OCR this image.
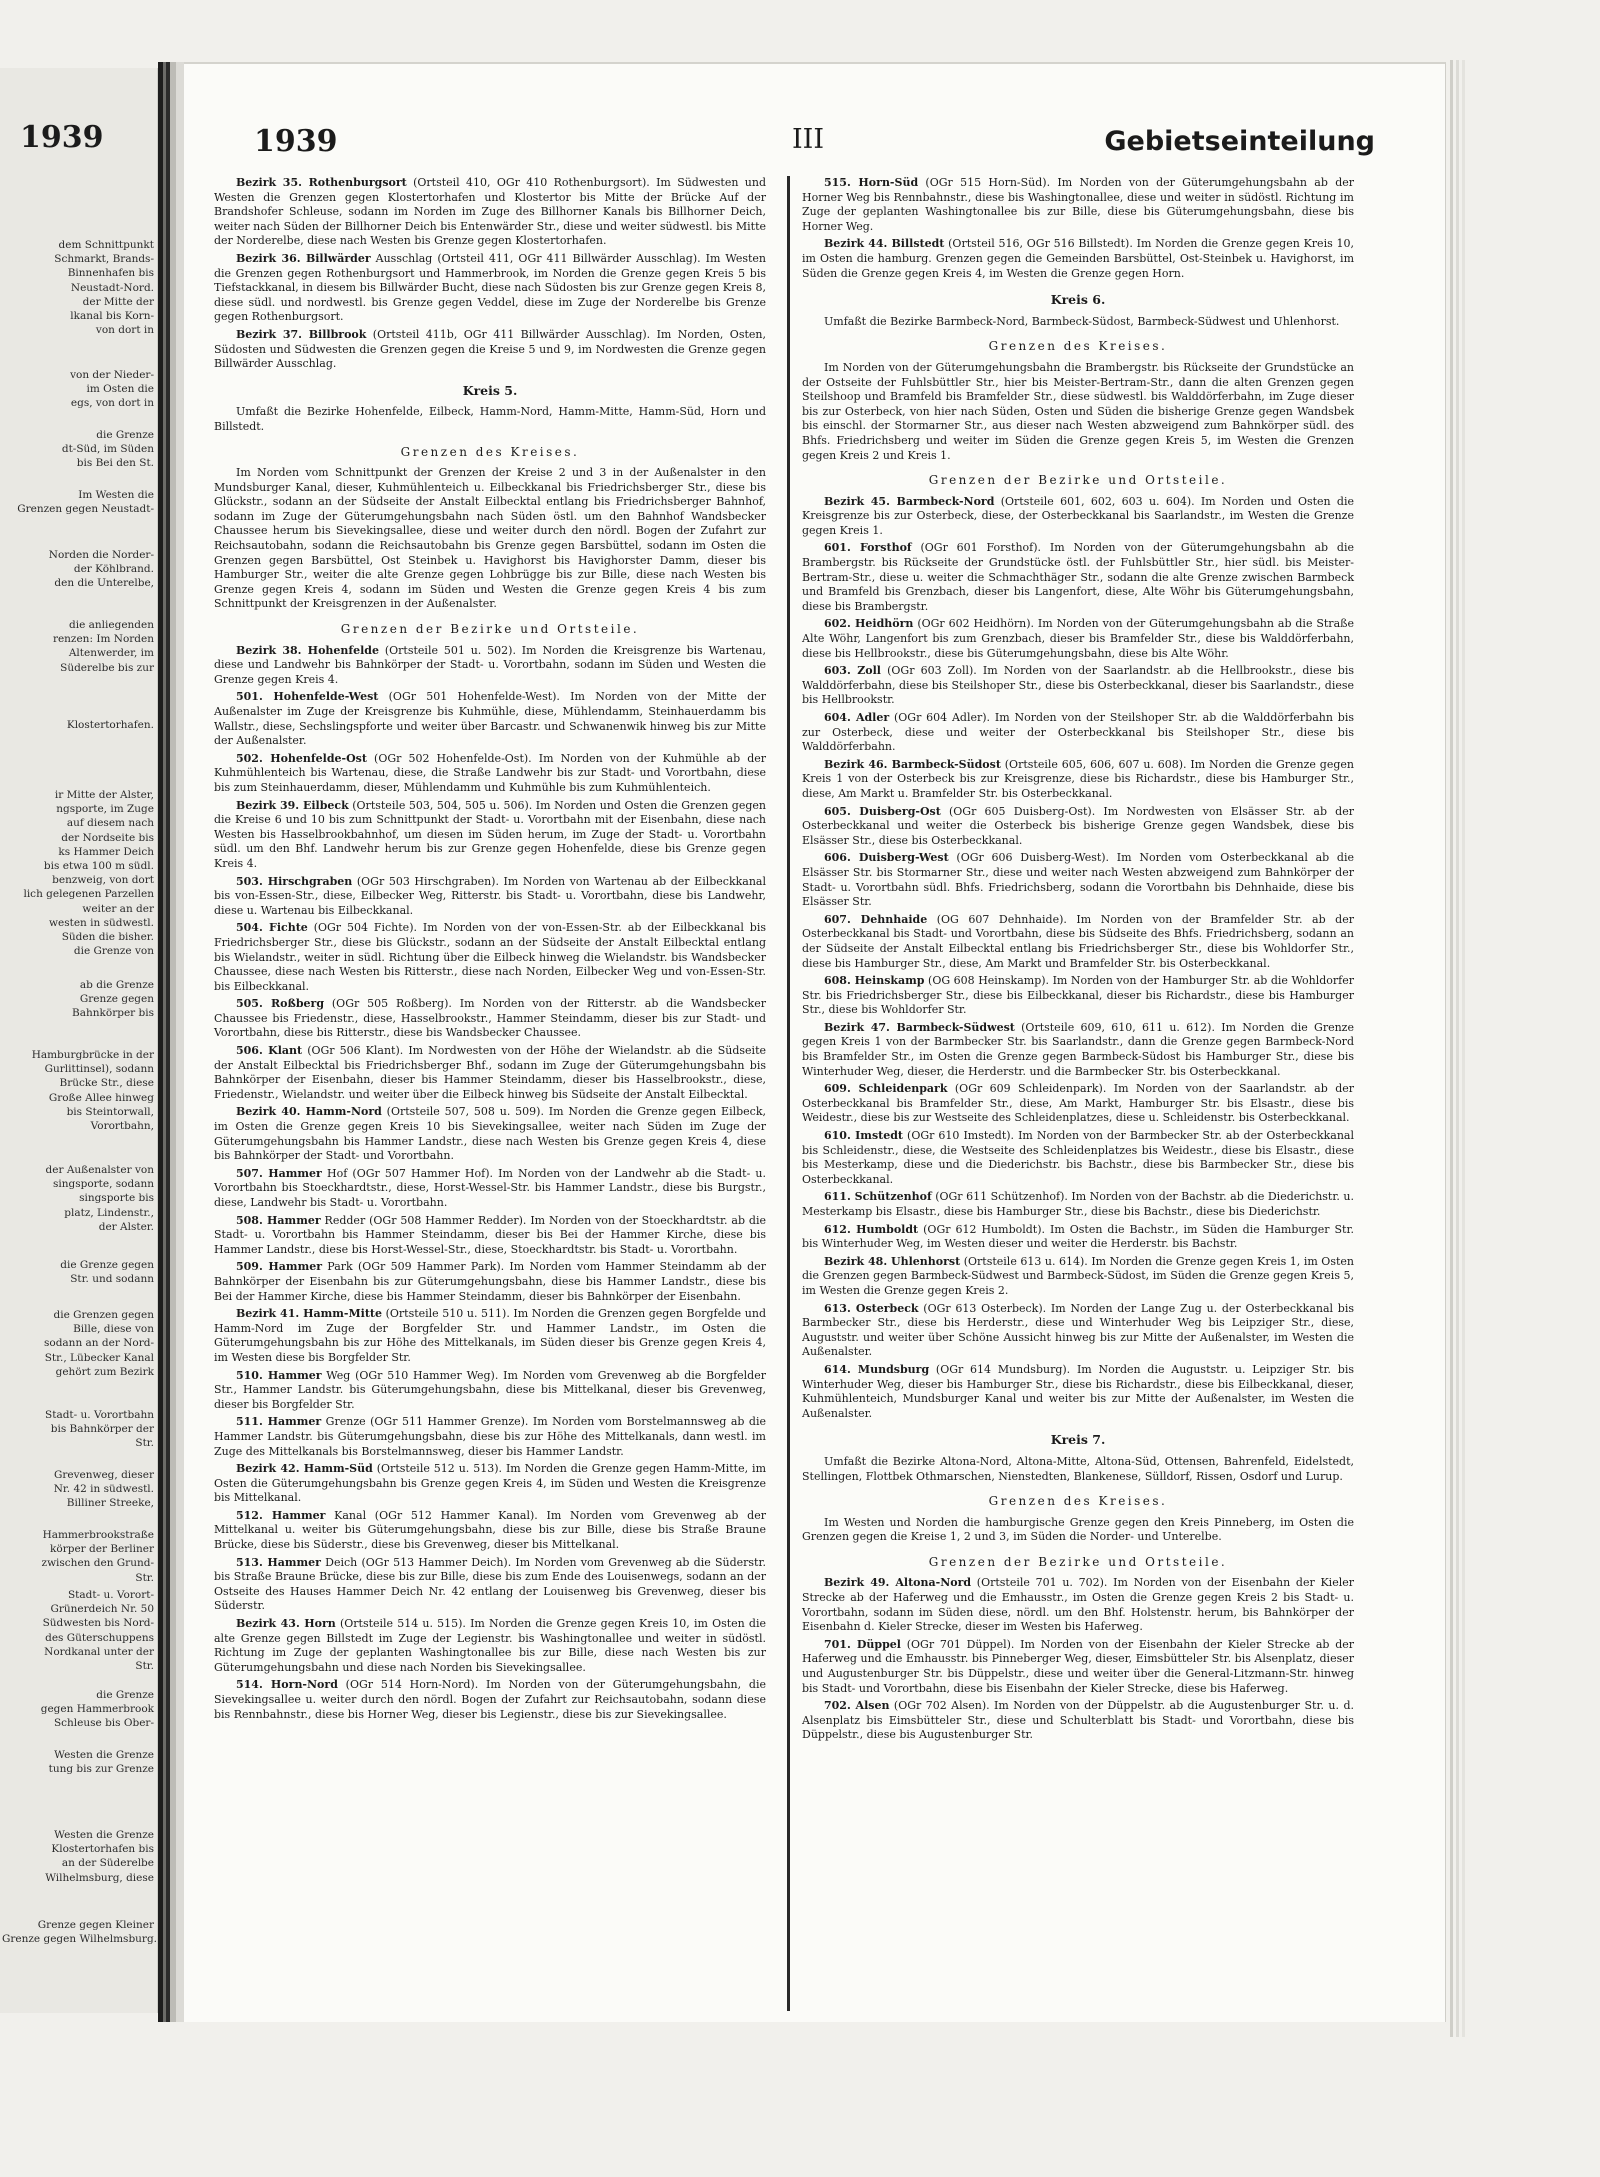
1939
dem Schnittpunkt
Schmarkt, Brands-
Binnenhafen bis
Neustadt-Nord.
der Mitte der
lkanal bis Korn-
von dort in
von der Nieder-
im Osten die
egs, von dort in
die Grenze
dt-Süd, im Süden
bis Bei den St.
Im Westen die
Grenzen gegen Neustadt-
Norden die Norder-
der Köhlbrand.
den die Unterelbe,
die anliegenden
renzen: Im Norden
Altenwerder, im
Süderelbe bis zur
Klostertorhafen.
ir Mitte der Alster,
ngsporte, im Zuge
auf diesem nach
der Nordseite bis
ks Hammer Deich
bis etwa 100 m südl.
benzweig, von dort
lich gelegenen Parzellen
weiter an der
westen in südwestl.
Süden die bisher.
die Grenze von
ab die Grenze
Grenze gegen
Bahnkörper bis
Hamburgbrücke in der
Gurlittinsel), sodann
Brücke Str., diese
Große Allee hinweg
bis Steintorwall,
Vorortbahn,
der Außenalster von
singsporte, sodann
singsporte bis
platz, Lindenstr.,
der Alster.
die Grenze gegen
Str. und sodann
die Grenzen gegen
Bille, diese von
sodann an der Nord-
Str., Lübecker Kanal
gehört zum Bezirk
Stadt- u. Vorortbahn
bis Bahnkörper der
Str.
Grevenweg, dieser
Nr. 42 in südwestl.
Billiner Streeke,
Hammerbrookstraße
körper der Berliner
zwischen den Grund-
Str.
Stadt- u. Vorort-
Grünerdeich Nr. 50
Südwesten bis Nord-
des Güterschuppens
Nordkanal unter der
Str.
die Grenze
gegen Hammerbrook
Schleuse bis Ober-
Westen die Grenze
tung bis zur Grenze
Westen die Grenze
Klostertorhafen bis
an der Süderelbe
Wilhelmsburg, diese
Grenze gegen Kleiner
Grenze gegen Wilhelmsburg.
1939	III	Gebietseinteilung

Bezirk 35. Rothenburgsort (Ortsteil 410, OGr 410 Rothenburgsort). Im Südwesten und Westen die Grenzen gegen Klostertorhafen und Klostertor bis Mitte der Brücke Auf der Brandshofer Schleuse, sodann im Norden im Zuge des Billhorner Kanals bis Billhorner Deich, weiter nach Süden der Billhorner Deich bis Entenwärder Str., diese und weiter südwestl. bis Mitte der Norderelbe, diese nach Westen bis Grenze gegen Klostertorhafen.

Bezirk 36. Billwärder Ausschlag (Ortsteil 411, OGr 411 Billwärder Ausschlag). Im Westen die Grenzen gegen Rothenburgsort und Hammerbrook, im Norden die Grenze gegen Kreis 5 bis Tiefstackkanal, in diesem bis Billwärder Bucht, diese nach Südosten bis zur Grenze gegen Kreis 8, diese südl. und nordwestl. bis Grenze gegen Veddel, diese im Zuge der Norderelbe bis Grenze gegen Rothenburgsort.

Bezirk 37. Billbrook (Ortsteil 411b, OGr 411 Billwärder Ausschlag). Im Norden, Osten, Südosten und Südwesten die Grenzen gegen die Kreise 5 und 9, im Nordwesten die Grenze gegen Billwärder Ausschlag.

Kreis 5.

Umfaßt die Bezirke Hohenfelde, Eilbeck, Hamm-Nord, Hamm-Mitte, Hamm-Süd, Horn und Billstedt.

Grenzen des Kreises.

Im Norden vom Schnittpunkt der Grenzen der Kreise 2 und 3 in der Außenalster in den Mundsburger Kanal, dieser, Kuhmühlenteich u. Eilbeckkanal bis Friedrichsberger Str., diese bis Glückstr., sodann an der Südseite der Anstalt Eilbecktal entlang bis Friedrichsberger Bahnhof, sodann im Zuge der Güterumgehungsbahn nach Süden östl. um den Bahnhof Wandsbecker Chaussee herum bis Sievekingsallee, diese und weiter durch den nördl. Bogen der Zufahrt zur Reichsautobahn, sodann die Reichsautobahn bis Grenze gegen Barsbüttel, sodann im Osten die Grenzen gegen Barsbüttel, Ost Steinbek u. Havighorst bis Havighorster Damm, dieser bis Hamburger Str., weiter die alte Grenze gegen Lohbrügge bis zur Bille, diese nach Westen bis Grenze gegen Kreis 4, sodann im Süden und Westen die Grenze gegen Kreis 4 bis zum Schnittpunkt der Kreisgrenzen in der Außenalster.

Grenzen der Bezirke und Ortsteile.

Bezirk 38. Hohenfelde (Ortsteile 501 u. 502). Im Norden die Kreisgrenze bis Wartenau, diese und Landwehr bis Bahnkörper der Stadt- u. Vorortbahn, sodann im Süden und Westen die Grenze gegen Kreis 4.

501. Hohenfelde-West (OGr 501 Hohenfelde-West). Im Norden von der Mitte der Außenalster im Zuge der Kreisgrenze bis Kuhmühle, diese, Mühlendamm, Steinhauerdamm bis Wallstr., diese, Sechslingspforte und weiter über Barcastr. und Schwanenwik hinweg bis zur Mitte der Außenalster.

502. Hohenfelde-Ost (OGr 502 Hohenfelde-Ost). Im Norden von der Kuhmühle ab der Kuhmühlenteich bis Wartenau, diese, die Straße Landwehr bis zur Stadt- und Vorortbahn, diese bis zum Steinhauerdamm, dieser, Mühlendamm und Kuhmühle bis zum Kuhmühlenteich.

Bezirk 39. Eilbeck (Ortsteile 503, 504, 505 u. 506). Im Norden und Osten die Grenzen gegen die Kreise 6 und 10 bis zum Schnittpunkt der Stadt- u. Vorortbahn mit der Eisenbahn, diese nach Westen bis Hasselbrookbahnhof, um diesen im Süden herum, im Zuge der Stadt- u. Vorortbahn südl. um den Bhf. Landwehr herum bis zur Grenze gegen Hohenfelde, diese bis Grenze gegen Kreis 4.

503. Hirschgraben (OGr 503 Hirschgraben). Im Norden von Wartenau ab der Eilbeckkanal bis von-Essen-Str., diese, Eilbecker Weg, Ritterstr. bis Stadt- u. Vorortbahn, diese bis Landwehr, diese u. Wartenau bis Eilbeckkanal.

504. Fichte (OGr 504 Fichte). Im Norden von der von-Essen-Str. ab der Eilbeckkanal bis Friedrichsberger Str., diese bis Glückstr., sodann an der Südseite der Anstalt Eilbecktal entlang bis Wielandstr., weiter in südl. Richtung über die Eilbeck hinweg die Wielandstr. bis Wandsbecker Chaussee, diese nach Westen bis Ritterstr., diese nach Norden, Eilbecker Weg und von-Essen-Str. bis Eilbeckkanal.

505. Roßberg (OGr 505 Roßberg). Im Norden von der Ritterstr. ab die Wandsbecker Chaussee bis Friedenstr., diese, Hasselbrookstr., Hammer Steindamm, dieser bis zur Stadt- und Vorortbahn, diese bis Ritterstr., diese bis Wandsbecker Chaussee.

506. Klant (OGr 506 Klant). Im Nordwesten von der Höhe der Wielandstr. ab die Südseite der Anstalt Eilbecktal bis Friedrichsberger Bhf., sodann im Zuge der Güterumgehungsbahn bis Bahnkörper der Eisenbahn, dieser bis Hammer Steindamm, dieser bis Hasselbrookstr., diese, Friedenstr., Wielandstr. und weiter über die Eilbeck hinweg bis Südseite der Anstalt Eilbecktal.

Bezirk 40. Hamm-Nord (Ortsteile 507, 508 u. 509). Im Norden die Grenze gegen Eilbeck, im Osten die Grenze gegen Kreis 10 bis Sievekingsallee, weiter nach Süden im Zuge der Güterumgehungsbahn bis Hammer Landstr., diese nach Westen bis Grenze gegen Kreis 4, diese bis Bahnkörper der Stadt- und Vorortbahn.

507. Hammer Hof (OGr 507 Hammer Hof). Im Norden von der Landwehr ab die Stadt- u. Vorortbahn bis Stoeckhardtstr., diese, Horst-Wessel-Str. bis Hammer Landstr., diese bis Burgstr., diese, Landwehr bis Stadt- u. Vorortbahn.

508. Hammer Redder (OGr 508 Hammer Redder). Im Norden von der Stoeckhardtstr. ab die Stadt- u. Vorortbahn bis Hammer Steindamm, dieser bis Bei der Hammer Kirche, diese bis Hammer Landstr., diese bis Horst-Wessel-Str., diese, Stoeckhardtstr. bis Stadt- u. Vorortbahn.

509. Hammer Park (OGr 509 Hammer Park). Im Norden vom Hammer Steindamm ab der Bahnkörper der Eisenbahn bis zur Güterumgehungsbahn, diese bis Hammer Landstr., diese bis Bei der Hammer Kirche, diese bis Hammer Steindamm, dieser bis Bahnkörper der Eisenbahn.

Bezirk 41. Hamm-Mitte (Ortsteile 510 u. 511). Im Norden die Grenzen gegen Borgfelde und Hamm-Nord im Zuge der Borgfelder Str. und Hammer Landstr., im Osten die Güterumgehungsbahn bis zur Höhe des Mittelkanals, im Süden dieser bis Grenze gegen Kreis 4, im Westen diese bis Borgfelder Str.

510. Hammer Weg (OGr 510 Hammer Weg). Im Norden vom Grevenweg ab die Borgfelder Str., Hammer Landstr. bis Güterumgehungsbahn, diese bis Mittelkanal, dieser bis Grevenweg, dieser bis Borgfelder Str.

511. Hammer Grenze (OGr 511 Hammer Grenze). Im Norden vom Borstelmannsweg ab die Hammer Landstr. bis Güterumgehungsbahn, diese bis zur Höhe des Mittelkanals, dann westl. im Zuge des Mittelkanals bis Borstelmannsweg, dieser bis Hammer Landstr.

Bezirk 42. Hamm-Süd (Ortsteile 512 u. 513). Im Norden die Grenze gegen Hamm-Mitte, im Osten die Güterumgehungsbahn bis Grenze gegen Kreis 4, im Süden und Westen die Kreisgrenze bis Mittelkanal.

512. Hammer Kanal (OGr 512 Hammer Kanal). Im Norden vom Grevenweg ab der Mittelkanal u. weiter bis Güterumgehungsbahn, diese bis zur Bille, diese bis Straße Braune Brücke, diese bis Süderstr., diese bis Grevenweg, dieser bis Mittelkanal.

513. Hammer Deich (OGr 513 Hammer Deich). Im Norden vom Grevenweg ab die Süderstr. bis Straße Braune Brücke, diese bis zur Bille, diese bis zum Ende des Louisenwegs, sodann an der Ostseite des Hauses Hammer Deich Nr. 42 entlang der Louisenweg bis Grevenweg, dieser bis Süderstr.

Bezirk 43. Horn (Ortsteile 514 u. 515). Im Norden die Grenze gegen Kreis 10, im Osten die alte Grenze gegen Billstedt im Zuge der Legienstr. bis Washingtonallee und weiter in südöstl. Richtung im Zuge der geplanten Washingtonallee bis zur Bille, diese nach Westen bis zur Güterumgehungsbahn und diese nach Norden bis Sievekingsallee.

514. Horn-Nord (OGr 514 Horn-Nord). Im Norden von der Güterumgehungsbahn, die Sievekingsallee u. weiter durch den nördl. Bogen der Zufahrt zur Reichsautobahn, sodann diese bis Rennbahnstr., diese bis Horner Weg, dieser bis Legienstr., diese bis zur Sievekingsallee.

515. Horn-Süd (OGr 515 Horn-Süd). Im Norden von der Güterumgehungsbahn ab der Horner Weg bis Rennbahnstr., diese bis Washingtonallee, diese und weiter in südöstl. Richtung im Zuge der geplanten Washingtonallee bis zur Bille, diese bis Güterumgehungsbahn, diese bis Horner Weg.

Bezirk 44. Billstedt (Ortsteil 516, OGr 516 Billstedt). Im Norden die Grenze gegen Kreis 10, im Osten die hamburg. Grenzen gegen die Gemeinden Barsbüttel, Ost-Steinbek u. Havighorst, im Süden die Grenze gegen Kreis 4, im Westen die Grenze gegen Horn.

Kreis 6.

Umfaßt die Bezirke Barmbeck-Nord, Barmbeck-Südost, Barmbeck-Südwest und Uhlenhorst.

Grenzen des Kreises.

Im Norden von der Güterumgehungsbahn die Brambergstr. bis Rückseite der Grundstücke an der Ostseite der Fuhlsbüttler Str., hier bis Meister-Bertram-Str., dann die alten Grenzen gegen Steilshoop und Bramfeld bis Bramfelder Str., diese südwestl. bis Walddörferbahn, im Zuge dieser bis zur Osterbeck, von hier nach Süden, Osten und Süden die bisherige Grenze gegen Wandsbek bis einschl. der Stormarner Str., aus dieser nach Westen abzweigend zum Bahnkörper südl. des Bhfs. Friedrichsberg und weiter im Süden die Grenze gegen Kreis 5, im Westen die Grenzen gegen Kreis 2 und Kreis 1.

Grenzen der Bezirke und Ortsteile.

Bezirk 45. Barmbeck-Nord (Ortsteile 601, 602, 603 u. 604). Im Norden und Osten die Kreisgrenze bis zur Osterbeck, diese, der Osterbeckkanal bis Saarlandstr., im Westen die Grenze gegen Kreis 1.

601. Forsthof (OGr 601 Forsthof). Im Norden von der Güterumgehungsbahn ab die Brambergstr. bis Rückseite der Grundstücke östl. der Fuhlsbüttler Str., hier südl. bis Meister-Bertram-Str., diese u. weiter die Schmachthäger Str., sodann die alte Grenze zwischen Barmbeck und Bramfeld bis Grenzbach, dieser bis Langenfort, diese, Alte Wöhr bis Güterumgehungsbahn, diese bis Brambergstr.

602. Heidhörn (OGr 602 Heidhörn). Im Norden von der Güterumgehungsbahn ab die Straße Alte Wöhr, Langenfort bis zum Grenzbach, dieser bis Bramfelder Str., diese bis Walddörferbahn, diese bis Hellbrookstr., diese bis Güterumgehungsbahn, diese bis Alte Wöhr.

603. Zoll (OGr 603 Zoll). Im Norden von der Saarlandstr. ab die Hellbrookstr., diese bis Walddörferbahn, diese bis Steilshoper Str., diese bis Osterbeckkanal, dieser bis Saarlandstr., diese bis Hellbrookstr.

604. Adler (OGr 604 Adler). Im Norden von der Steilshoper Str. ab die Walddörferbahn bis zur Osterbeck, diese und weiter der Osterbeckkanal bis Steilshoper Str., diese bis Walddörferbahn.

Bezirk 46. Barmbeck-Südost (Ortsteile 605, 606, 607 u. 608). Im Norden die Grenze gegen Kreis 1 von der Osterbeck bis zur Kreisgrenze, diese bis Richardstr., diese bis Hamburger Str., diese, Am Markt u. Bramfelder Str. bis Osterbeckkanal.

605. Duisberg-Ost (OGr 605 Duisberg-Ost). Im Nordwesten von Elsässer Str. ab der Osterbeckkanal und weiter die Osterbeck bis bisherige Grenze gegen Wandsbek, diese bis Elsässer Str., diese bis Osterbeckkanal.

606. Duisberg-West (OGr 606 Duisberg-West). Im Norden vom Osterbeckkanal ab die Elsässer Str. bis Stormarner Str., diese und weiter nach Westen abzweigend zum Bahnkörper der Stadt- u. Vorortbahn südl. Bhfs. Friedrichsberg, sodann die Vorortbahn bis Dehnhaide, diese bis Elsässer Str.

607. Dehnhaide (OG 607 Dehnhaide). Im Norden von der Bramfelder Str. ab der Osterbeckkanal bis Stadt- und Vorortbahn, diese bis Südseite des Bhfs. Friedrichsberg, sodann an der Südseite der Anstalt Eilbecktal entlang bis Friedrichsberger Str., diese bis Wohldorfer Str., diese bis Hamburger Str., diese, Am Markt und Bramfelder Str. bis Osterbeckkanal.

608. Heinskamp (OG 608 Heinskamp). Im Norden von der Hamburger Str. ab die Wohldorfer Str. bis Friedrichsberger Str., diese bis Eilbeckkanal, dieser bis Richardstr., diese bis Hamburger Str., diese bis Wohldorfer Str.

Bezirk 47. Barmbeck-Südwest (Ortsteile 609, 610, 611 u. 612). Im Norden die Grenze gegen Kreis 1 von der Barmbecker Str. bis Saarlandstr., dann die Grenze gegen Barmbeck-Nord bis Bramfelder Str., im Osten die Grenze gegen Barmbeck-Südost bis Hamburger Str., diese bis Winterhuder Weg, dieser, die Herderstr. und die Barmbecker Str. bis Osterbeckkanal.

609. Schleidenpark (OGr 609 Schleidenpark). Im Norden von der Saarlandstr. ab der Osterbeckkanal bis Bramfelder Str., diese, Am Markt, Hamburger Str. bis Elsastr., diese bis Weidestr., diese bis zur Westseite des Schleidenplatzes, diese u. Schleidenstr. bis Osterbeckkanal.

610. Imstedt (OGr 610 Imstedt). Im Norden von der Barmbecker Str. ab der Osterbeckkanal bis Schleidenstr., diese, die Westseite des Schleidenplatzes bis Weidestr., diese bis Elsastr., diese bis Mesterkamp, diese und die Diederichstr. bis Bachstr., diese bis Barmbecker Str., diese bis Osterbeckkanal.

611. Schützenhof (OGr 611 Schützenhof). Im Norden von der Bachstr. ab die Diederichstr. u. Mesterkamp bis Elsastr., diese bis Hamburger Str., diese bis Bachstr., diese bis Diederichstr.

612. Humboldt (OGr 612 Humboldt). Im Osten die Bachstr., im Süden die Hamburger Str. bis Winterhuder Weg, im Westen dieser und weiter die Herderstr. bis Bachstr.

Bezirk 48. Uhlenhorst (Ortsteile 613 u. 614). Im Norden die Grenze gegen Kreis 1, im Osten die Grenzen gegen Barmbeck-Südwest und Barmbeck-Südost, im Süden die Grenze gegen Kreis 5, im Westen die Grenze gegen Kreis 2.

613. Osterbeck (OGr 613 Osterbeck). Im Norden der Lange Zug u. der Osterbeckkanal bis Barmbecker Str., diese bis Herderstr., diese und Winterhuder Weg bis Leipziger Str., diese, Auguststr. und weiter über Schöne Aussicht hinweg bis zur Mitte der Außenalster, im Westen die Außenalster.

614. Mundsburg (OGr 614 Mundsburg). Im Norden die Auguststr. u. Leipziger Str. bis Winterhuder Weg, dieser bis Hamburger Str., diese bis Richardstr., diese bis Eilbeckkanal, dieser, Kuhmühlenteich, Mundsburger Kanal und weiter bis zur Mitte der Außenalster, im Westen die Außenalster.

Kreis 7.

Umfaßt die Bezirke Altona-Nord, Altona-Mitte, Altona-Süd, Ottensen, Bahrenfeld, Eidelstedt, Stellingen, Flottbek Othmarschen, Nienstedten, Blankenese, Sülldorf, Rissen, Osdorf und Lurup.

Grenzen des Kreises.

Im Westen und Norden die hamburgische Grenze gegen den Kreis Pinneberg, im Osten die Grenzen gegen die Kreise 1, 2 und 3, im Süden die Norder- und Unterelbe.

Grenzen der Bezirke und Ortsteile.

Bezirk 49. Altona-Nord (Ortsteile 701 u. 702). Im Norden von der Eisenbahn der Kieler Strecke ab der Haferweg und die Emhausstr., im Osten die Grenze gegen Kreis 2 bis Stadt- u. Vorortbahn, sodann im Süden diese, nördl. um den Bhf. Holstenstr. herum, bis Bahnkörper der Eisenbahn d. Kieler Strecke, dieser im Westen bis Haferweg.

701. Düppel (OGr 701 Düppel). Im Norden von der Eisenbahn der Kieler Strecke ab der Haferweg und die Emhausstr. bis Pinneberger Weg, dieser, Eimsbütteler Str. bis Alsenplatz, dieser und Augustenburger Str. bis Düppelstr., diese und weiter über die General-Litzmann-Str. hinweg bis Stadt- und Vorortbahn, diese bis Eisenbahn der Kieler Strecke, diese bis Haferweg.

702. Alsen (OGr 702 Alsen). Im Norden von der Düppelstr. ab die Augustenburger Str. u. d. Alsenplatz bis Eimsbütteler Str., diese und Schulterblatt bis Stadt- und Vorortbahn, diese bis Düppelstr., diese bis Augustenburger Str.
